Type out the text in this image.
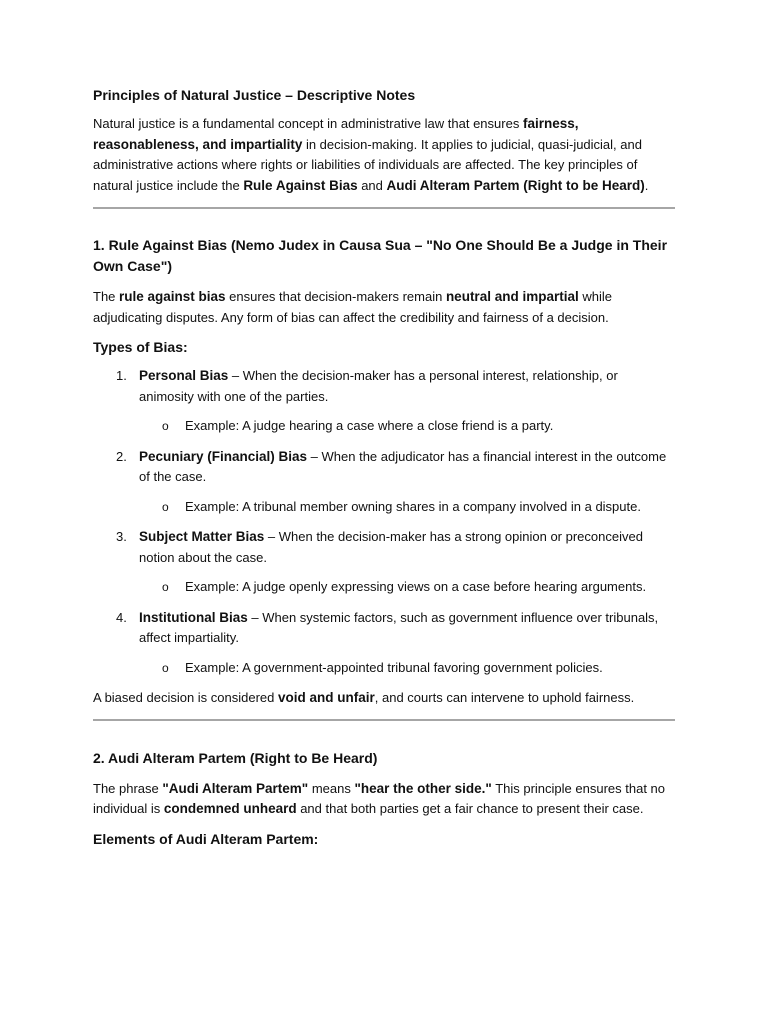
Principles of Natural Justice – Descriptive Notes

Natural justice is a fundamental concept in administrative law that ensures fairness, reasonableness, and impartiality in decision-making. It applies to judicial, quasi-judicial, and administrative actions where rights or liabilities of individuals are affected. The key principles of natural justice include the Rule Against Bias and Audi Alteram Partem (Right to be Heard).

1. Rule Against Bias (Nemo Judex in Causa Sua – "No One Should Be a Judge in Their Own Case")

The rule against bias ensures that decision-makers remain neutral and impartial while adjudicating disputes. Any form of bias can affect the credibility and fairness of a decision.

Types of Bias:

1. Personal Bias – When the decision-maker has a personal interest, relationship, or animosity with one of the parties.
o Example: A judge hearing a case where a close friend is a party.
2. Pecuniary (Financial) Bias – When the adjudicator has a financial interest in the outcome of the case.
o Example: A tribunal member owning shares in a company involved in a dispute.
3. Subject Matter Bias – When the decision-maker has a strong opinion or preconceived notion about the case.
o Example: A judge openly expressing views on a case before hearing arguments.
4. Institutional Bias – When systemic factors, such as government influence over tribunals, affect impartiality.
o Example: A government-appointed tribunal favoring government policies.

A biased decision is considered void and unfair, and courts can intervene to uphold fairness.

2. Audi Alteram Partem (Right to Be Heard)

The phrase "Audi Alteram Partem" means "hear the other side." This principle ensures that no individual is condemned unheard and that both parties get a fair chance to present their case.

Elements of Audi Alteram Partem:
